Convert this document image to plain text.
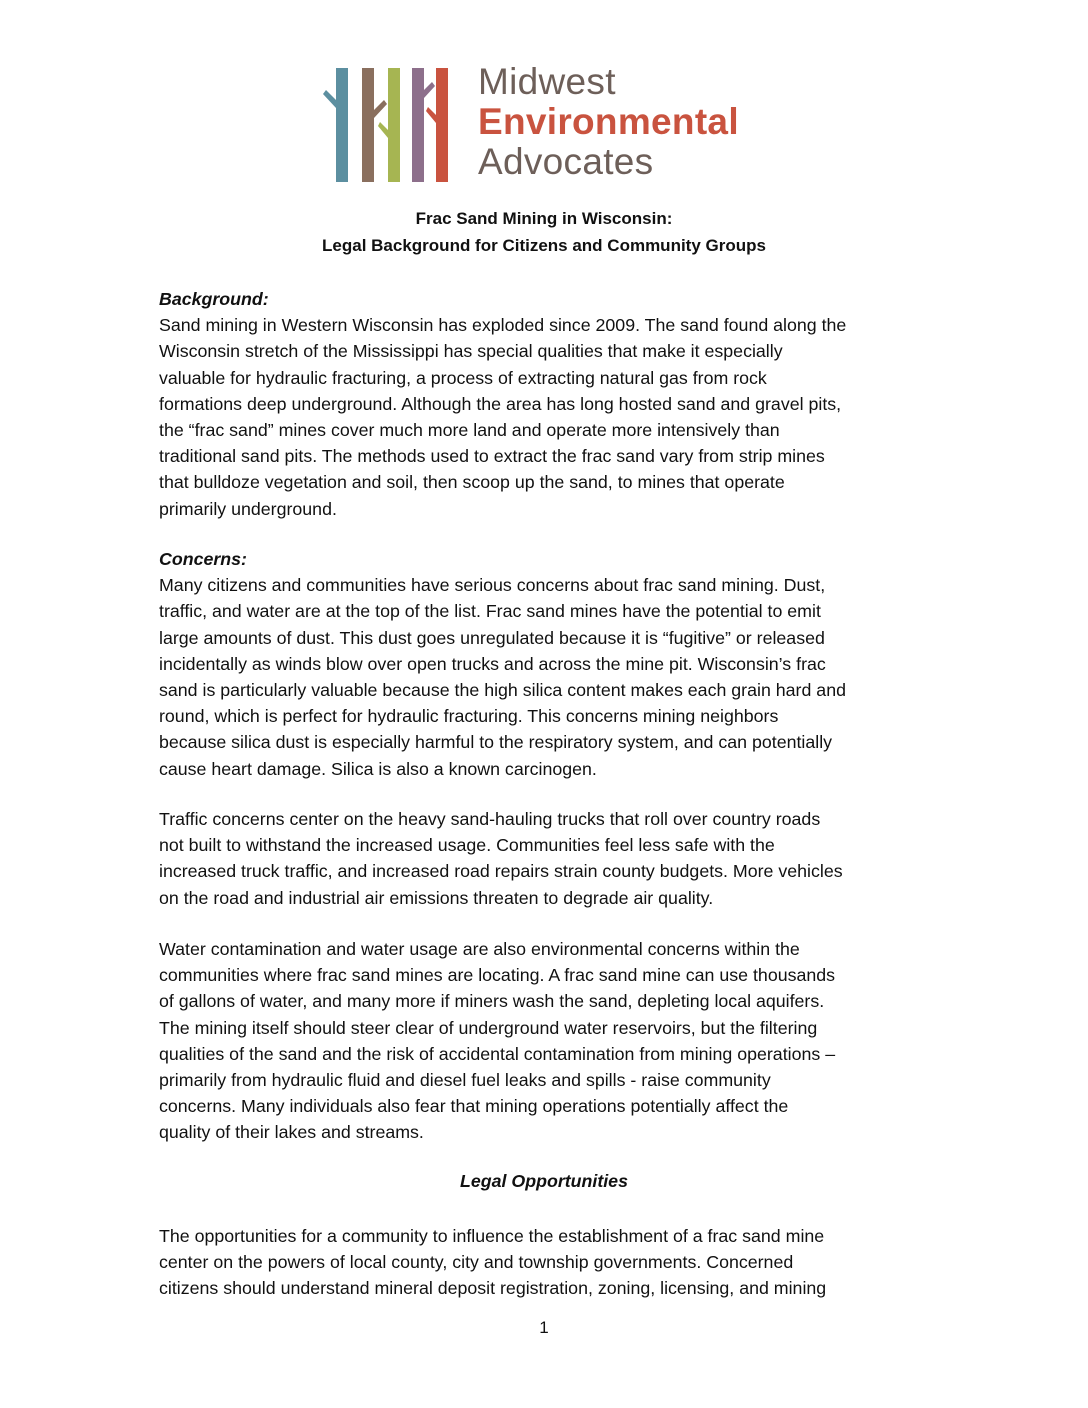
Midwest
Environmental
Advocates
Frac Sand Mining in Wisconsin:
Legal Background for Citizens and Community Groups

Background:

Sand mining in Western Wisconsin has exploded since 2009. The sand found along the

Wisconsin stretch of the Mississippi has special qualities that make it especially

valuable for hydraulic fracturing, a process of extracting natural gas from rock

formations deep underground. Although the area has long hosted sand and gravel pits,

the “frac sand” mines cover much more land and operate more intensively than

traditional sand pits. The methods used to extract the frac sand vary from strip mines

that bulldoze vegetation and soil, then scoop up the sand, to mines that operate

primarily underground.

Concerns:

Many citizens and communities have serious concerns about frac sand mining. Dust,

traffic, and water are at the top of the list. Frac sand mines have the potential to emit

large amounts of dust. This dust goes unregulated because it is “fugitive” or released

incidentally as winds blow over open trucks and across the mine pit. Wisconsin’s frac

sand is particularly valuable because the high silica content makes each grain hard and

round, which is perfect for hydraulic fracturing. This concerns mining neighbors

because silica dust is especially harmful to the respiratory system, and can potentially

cause heart damage. Silica is also a known carcinogen.

Traffic concerns center on the heavy sand-hauling trucks that roll over country roads

not built to withstand the increased usage. Communities feel less safe with the

increased truck traffic, and increased road repairs strain county budgets. More vehicles

on the road and industrial air emissions threaten to degrade air quality.

Water contamination and water usage are also environmental concerns within the

communities where frac sand mines are locating. A frac sand mine can use thousands

of gallons of water, and many more if miners wash the sand, depleting local aquifers.

The mining itself should steer clear of underground water reservoirs, but the filtering

qualities of the sand and the risk of accidental contamination from mining operations –

primarily from hydraulic fluid and diesel fuel leaks and spills - raise community

concerns. Many individuals also fear that mining operations potentially affect the

quality of their lakes and streams.

Legal Opportunities

The opportunities for a community to influence the establishment of a frac sand mine

center on the powers of local county, city and township governments. Concerned

citizens should understand mineral deposit registration, zoning, licensing, and mining

1
